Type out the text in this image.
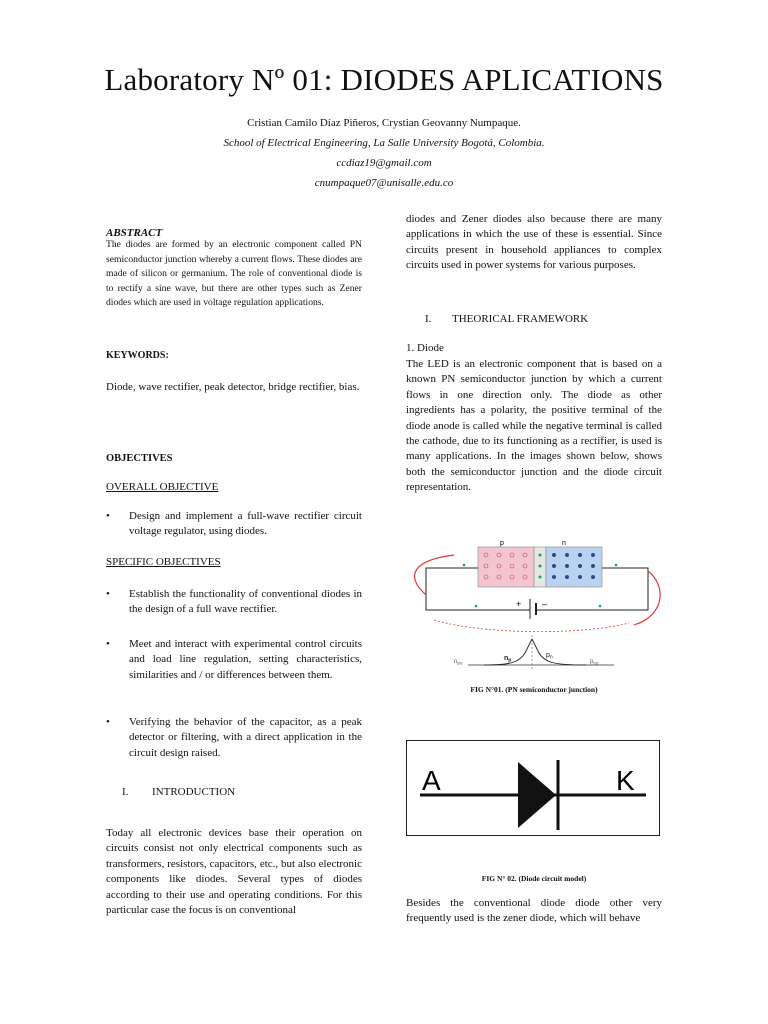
Laboratory Nº 01: DIODES APLICATIONS
Cristian Camilo Díaz Piñeros, Crystian Geovanny Numpaque.
School of Electrical Engineering, La Salle University Bogotá, Colombia.
ccdiaz19@gmail.com
cnumpaque07@unisalle.edu.co
ABSTRACT
The diodes are formed by an electronic component called PN semiconductor junction whereby a current flows. These diodes are made of silicon or germanium. The role of conventional diode is to rectify a sine wave, but there are other types such as Zener diodes which are used in voltage regulation applications.
KEYWORDS:
Diode, wave rectifier, peak detector, bridge rectifier, bias.
OBJECTIVES
OVERALL OBJECTIVE
• Design and implement a full-wave rectifier circuit voltage regulator, using diodes.
SPECIFIC OBJECTIVES
• Establish the functionality of conventional diodes in the design of a full wave rectifier.
• Meet and interact with experimental control circuits and load line regulation, setting characteristics, similarities and / or differences between them.
• Verifying the behavior of the capacitor, as a peak detector or filtering, with a direct application in the circuit design raised.
I. INTRODUCTION
Today all electronic devices base their operation on circuits consist not only electrical components such as transformers, resistors, capacitors, etc., but also electronic components like diodes. Several types of diodes according to their use and operating conditions. For this particular case the focus is on conventional
diodes and Zener diodes also because there are many applications in which the use of these is essential. Since circuits present in household appliances to complex circuits used in power systems for various purposes.
I. THEORICAL FRAMEWORK
1. Diode
The LED is an electronic component that is based on a known PN semiconductor junction by which a current flows in one direction only. The diode as other ingredients has a polarity, the positive terminal of the diode anode is called while the negative terminal is called the cathode, due to its functioning as a rectifier, is used is many applications. In the images shown below, shows both the semiconductor junction and the diode circuit representation.
p	n
+ –
$n_{po}$
$n_p$
$p_n$
$p_{no}$
FIG N°01. (PN semiconductor junction)
A	K
FIG N° 02. (Diode circuit model)
Besides the conventional diode diode other very frequently used is the zener diode, which will behave
